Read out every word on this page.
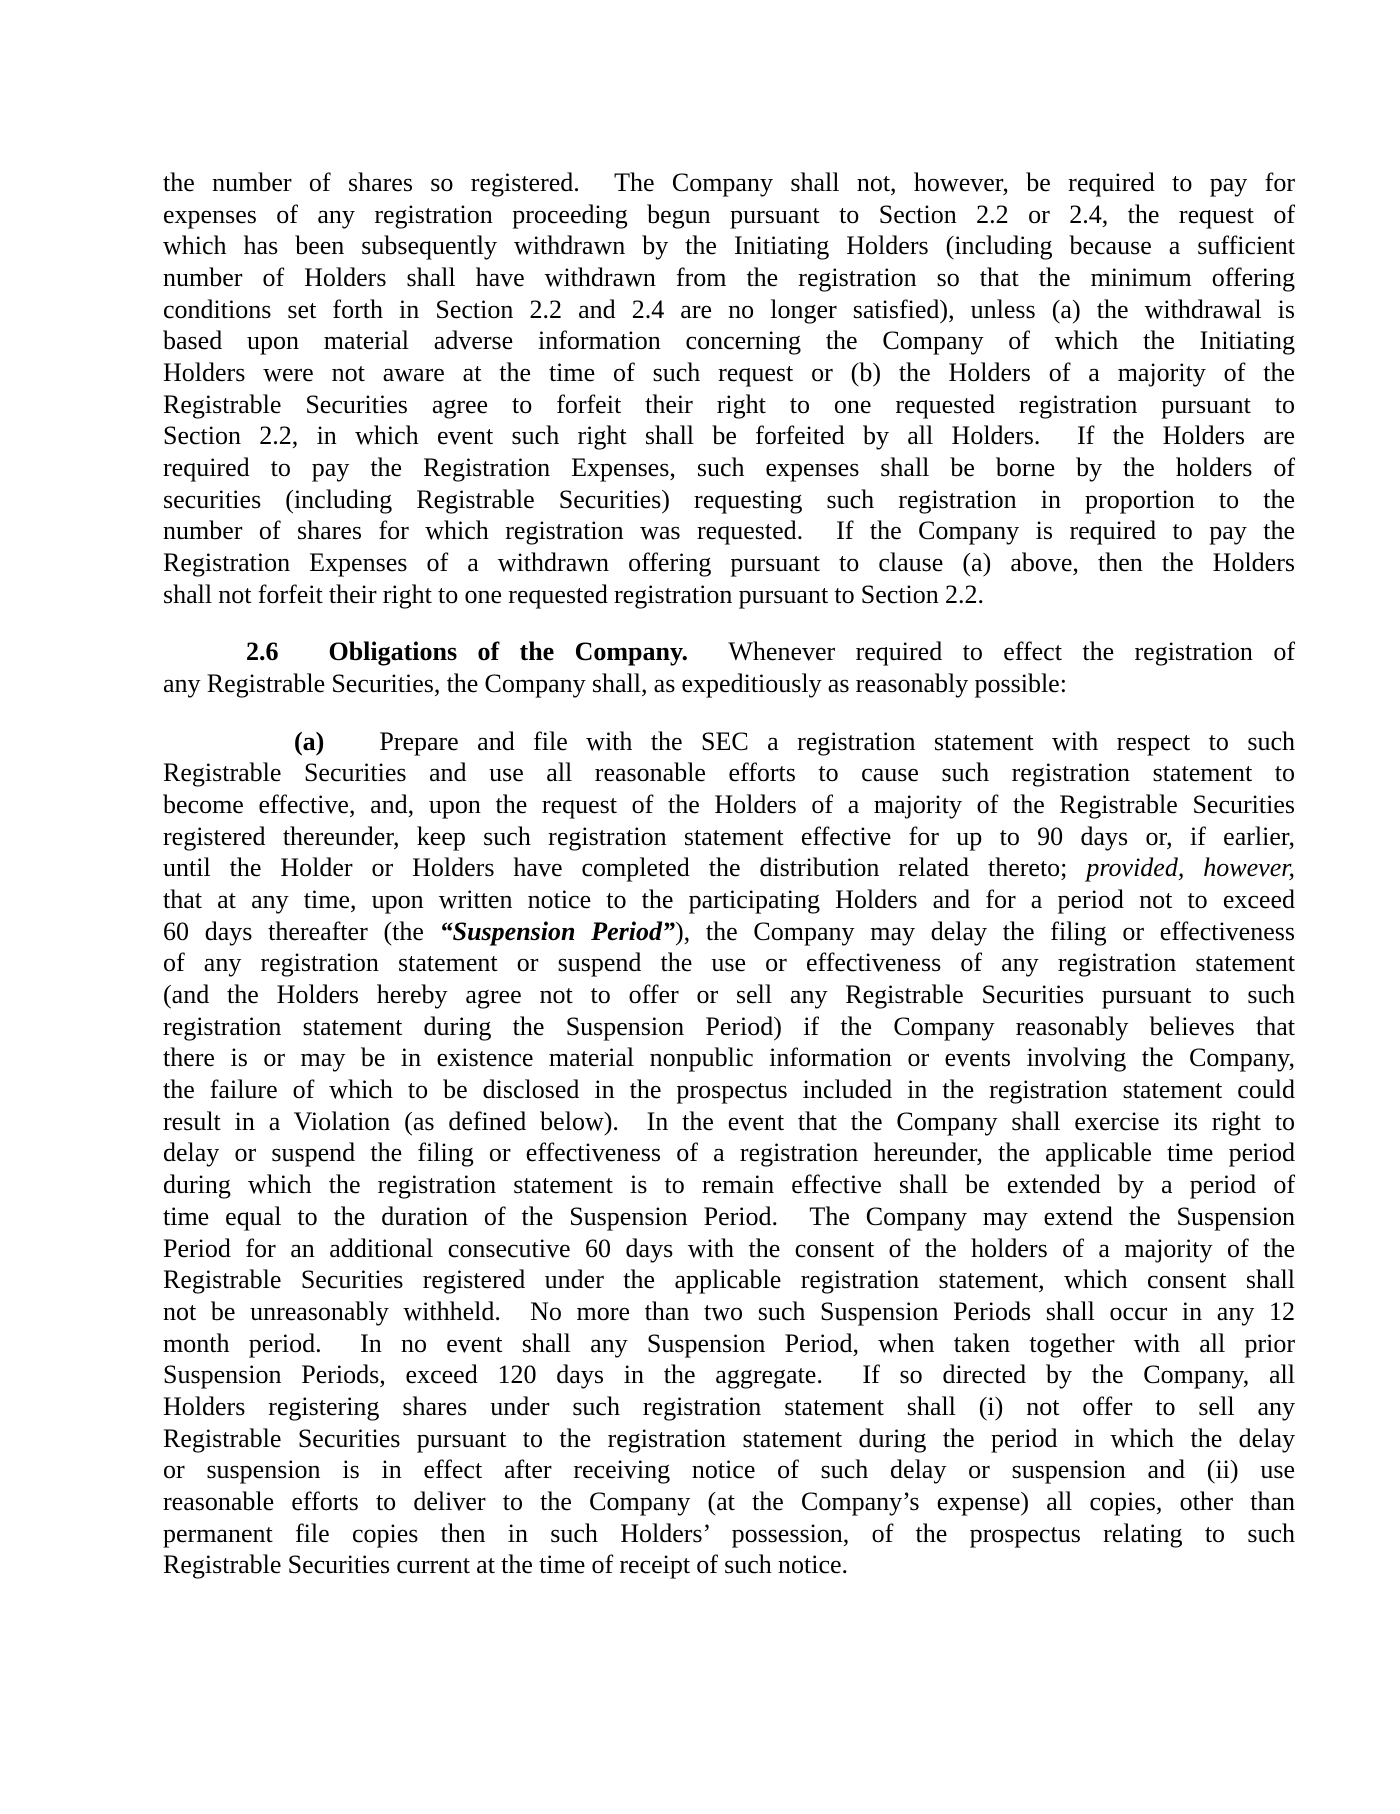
the number of shares so registered.  The Company shall not, however, be required to pay for
expenses of any registration proceeding begun pursuant to Section 2.2 or 2.4, the request of
which has been subsequently withdrawn by the Initiating Holders (including because a sufficient
number of Holders shall have withdrawn from the registration so that the minimum offering
conditions set forth in Section 2.2 and 2.4 are no longer satisfied), unless (a) the withdrawal is
based upon material adverse information concerning the Company of which the Initiating
Holders were not aware at the time of such request or (b) the Holders of a majority of the
Registrable Securities agree to forfeit their right to one requested registration pursuant to
Section 2.2, in which event such right shall be forfeited by all Holders.  If the Holders are
required to pay the Registration Expenses, such expenses shall be borne by the holders of
securities (including Registrable Securities) requesting such registration in proportion to the
number of shares for which registration was requested.  If the Company is required to pay the
Registration Expenses of a withdrawn offering pursuant to clause (a) above, then the Holders
shall not forfeit their right to one requested registration pursuant to Section 2.2.
2.6 Obligations of the Company.  Whenever required to effect the registration of
any Registrable Securities, the Company shall, as expeditiously as reasonably possible:
(a) Prepare and file with the SEC a registration statement with respect to such
Registrable Securities and use all reasonable efforts to cause such registration statement to
become effective, and, upon the request of the Holders of a majority of the Registrable Securities
registered thereunder, keep such registration statement effective for up to 90 days or, if earlier,
until the Holder or Holders have completed the distribution related thereto; provided, however,
that at any time, upon written notice to the participating Holders and for a period not to exceed
60 days thereafter (the “Suspension Period”), the Company may delay the filing or effectiveness
of any registration statement or suspend the use or effectiveness of any registration statement
(and the Holders hereby agree not to offer or sell any Registrable Securities pursuant to such
registration statement during the Suspension Period) if the Company reasonably believes that
there is or may be in existence material nonpublic information or events involving the Company,
the failure of which to be disclosed in the prospectus included in the registration statement could
result in a Violation (as defined below).  In the event that the Company shall exercise its right to
delay or suspend the filing or effectiveness of a registration hereunder, the applicable time period
during which the registration statement is to remain effective shall be extended by a period of
time equal to the duration of the Suspension Period.  The Company may extend the Suspension
Period for an additional consecutive 60 days with the consent of the holders of a majority of the
Registrable Securities registered under the applicable registration statement, which consent shall
not be unreasonably withheld.  No more than two such Suspension Periods shall occur in any 12
month period.  In no event shall any Suspension Period, when taken together with all prior
Suspension Periods, exceed 120 days in the aggregate.  If so directed by the Company, all
Holders registering shares under such registration statement shall (i) not offer to sell any
Registrable Securities pursuant to the registration statement during the period in which the delay
or suspension is in effect after receiving notice of such delay or suspension and (ii) use
reasonable efforts to deliver to the Company (at the Company’s expense) all copies, other than
permanent file copies then in such Holders’ possession, of the prospectus relating to such
Registrable Securities current at the time of receipt of such notice.
